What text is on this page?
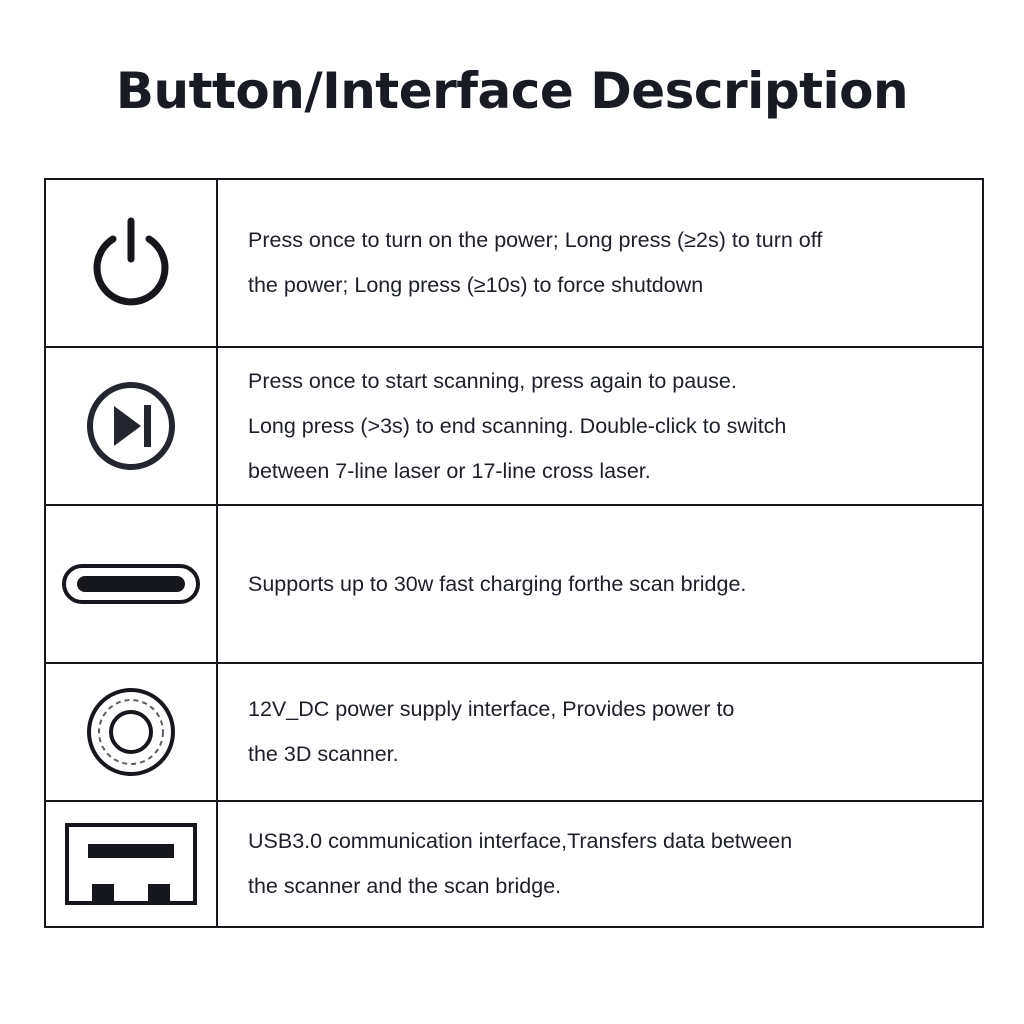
Button/Interface Description
Press once to turn on the power; Long press (≥2s) to turn off
the power; Long press (≥10s) to force shutdown
Press once to start scanning, press again to pause.
Long press (>3s) to end scanning. Double-click to switch
between 7-line laser or 17-line cross laser.
Supports up to 30w fast charging forthe scan bridge.
12V_DC power supply interface, Provides power to
the 3D scanner.
USB3.0 communication interface,Transfers data between
the scanner and the scan bridge.
